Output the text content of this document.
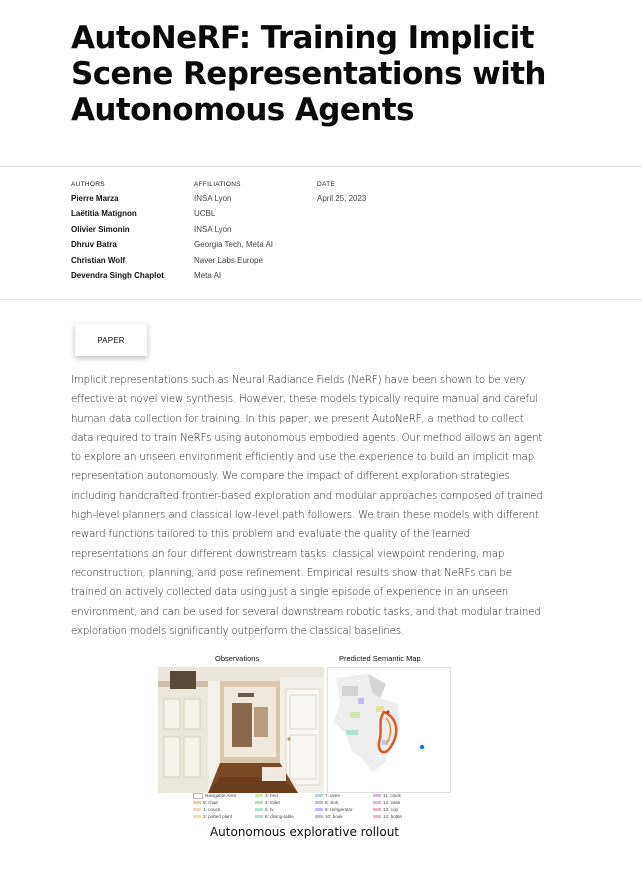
AutoNeRF: Training Implicit Scene Representations with Autonomous Agents
AUTHORS
Pierre Marza
Laëtitia Matignon
Olivier Simonin
Dhruv Batra
Christian Wolf
Devendra Singh Chaplot
AFFILIATIONS
INSA Lyon
UCBL
INSA Lyon
Georgia Tech, Meta AI
Naver Labs Europe
Meta AI
DATE
April 25, 2023
PAPER

Implicit representations such as Neural Radiance Fields (NeRF) have been shown to be very effective at novel view synthesis. However, these models typically require manual and careful human data collection for training. In this paper, we present AutoNeRF, a method to collect data required to train NeRFs using autonomous embodied agents. Our method allows an agent to explore an unseen environment efficiently and use the experience to build an implicit map representation autonomously. We compare the impact of different exploration strategies including handcrafted frontier-based exploration and modular approaches composed of trained high-level planners and classical low-level path followers. We train these models with different reward functions tailored to this problem and evaluate the quality of the learned representations on four different downstream tasks: classical viewpoint rendering, map reconstruction, planning, and pose refinement. Empirical results show that NeRFs can be trained on actively collected data using just a single episode of experience in an unseen environment, and can be used for several downstream robotic tasks, and that modular trained exploration models significantly outperform the classical baselines.

Observations	Predicted Semantic Map
Navigable Area
0: chair
1: couch
2: potted plant
3: bed
4: toilet
5: tv
6: dining-table
7: oven
8: sink
9: refrigerator
10: book
11: clock
12: vase
13: cup
14: bottle
Autonomous explorative rollout
